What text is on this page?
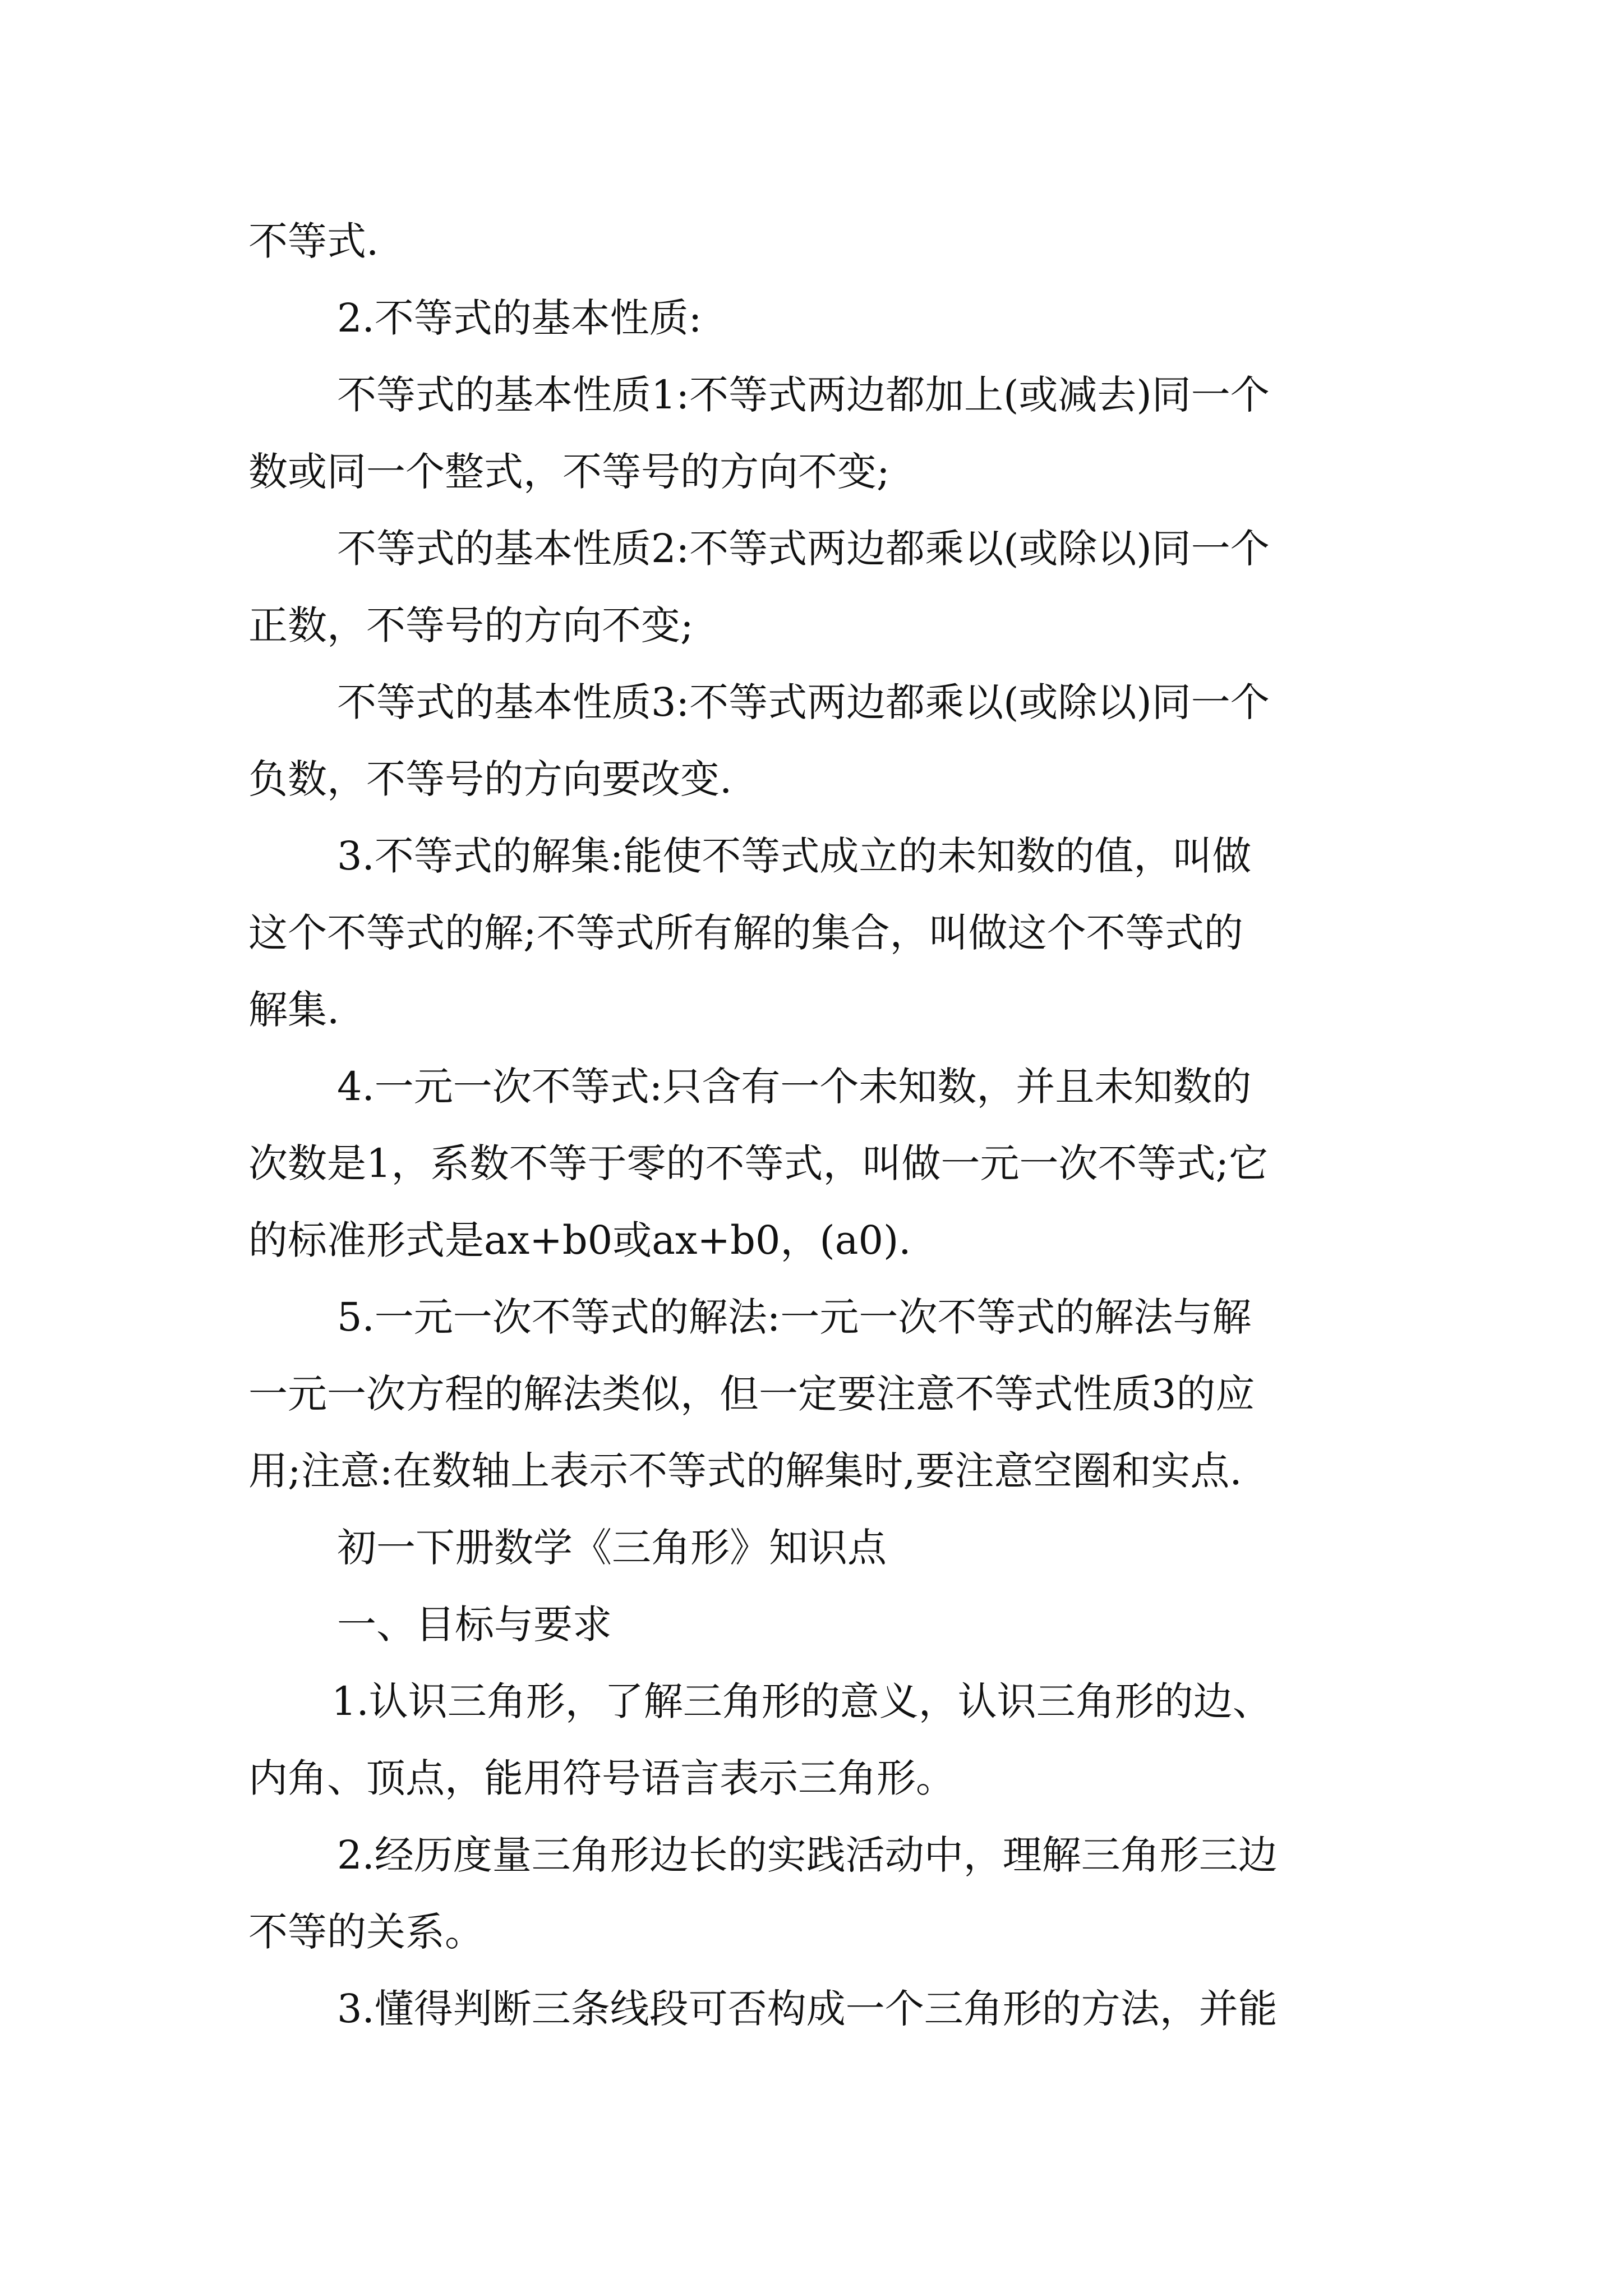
不等式.

2.不等式的基本性质:

不等式的基本性质1:不等式两边都加上(或减去)同一个

数或同一个整式，不等号的方向不变;

不等式的基本性质2:不等式两边都乘以(或除以)同一个

正数，不等号的方向不变;

不等式的基本性质3:不等式两边都乘以(或除以)同一个

负数，不等号的方向要改变.

3.不等式的解集:能使不等式成立的未知数的值，叫做

这个不等式的解;不等式所有解的集合，叫做这个不等式的

解集.

4.一元一次不等式:只含有一个未知数，并且未知数的

次数是1，系数不等于零的不等式，叫做一元一次不等式;它

的标准形式是ax+b0或ax+b0，(a0).

5.一元一次不等式的解法:一元一次不等式的解法与解

一元一次方程的解法类似，但一定要注意不等式性质3的应

用;注意:在数轴上表示不等式的解集时,要注意空圈和实点.

初一下册数学《三角形》知识点

一、目标与要求

1.认识三角形，了解三角形的意义，认识三角形的边、

内角、顶点，能用符号语言表示三角形。

2.经历度量三角形边长的实践活动中，理解三角形三边

不等的关系。

3.懂得判断三条线段可否构成一个三角形的方法，并能
